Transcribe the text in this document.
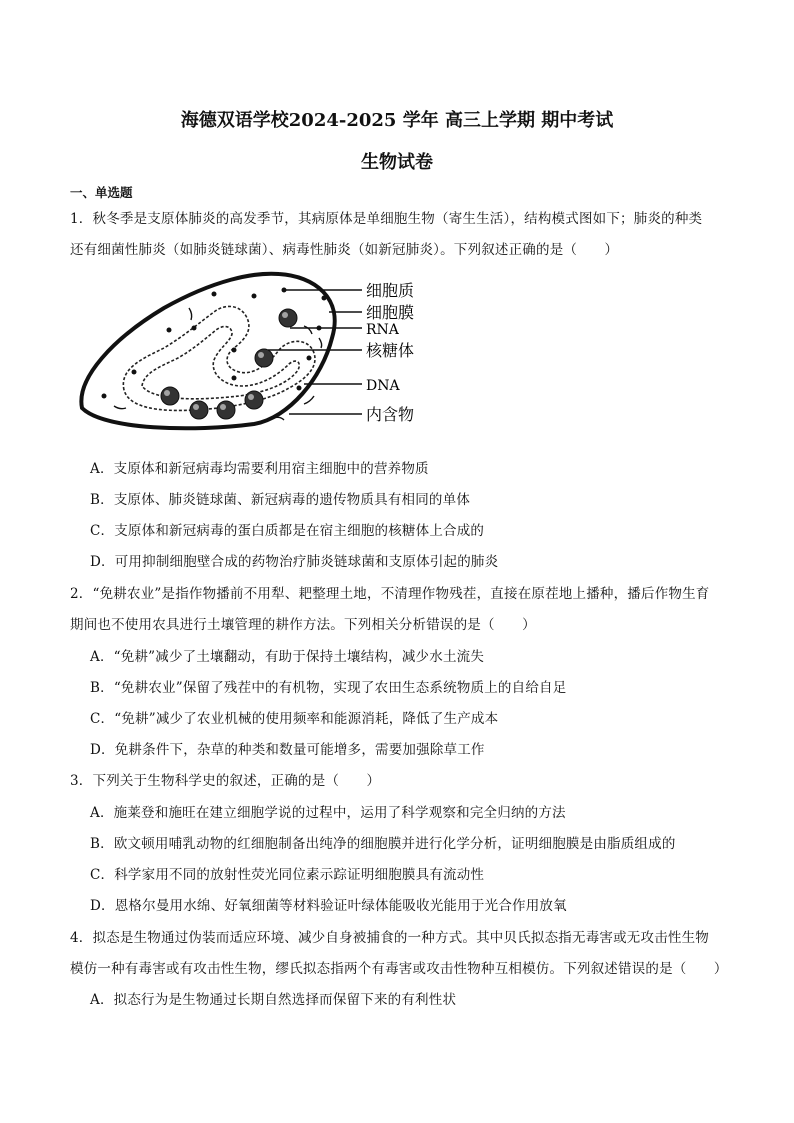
海德双语学校2024-2025 学年 高三上学期 期中考试
生物试卷
一、单选题
1．秋冬季是支原体肺炎的高发季节，其病原体是单细胞生物（寄生生活），结构模式图如下；肺炎的种类
还有细菌性肺炎（如肺炎链球菌）、病毒性肺炎（如新冠肺炎）。下列叙述正确的是（　　）
细胞质
细胞膜
RNA
核糖体
DNA
内含物
A．支原体和新冠病毒均需要利用宿主细胞中的营养物质
B．支原体、肺炎链球菌、新冠病毒的遗传物质具有相同的单体
C．支原体和新冠病毒的蛋白质都是在宿主细胞的核糖体上合成的
D．可用抑制细胞壁合成的药物治疗肺炎链球菌和支原体引起的肺炎
2．“免耕农业”是指作物播前不用犁、耙整理土地，不清理作物残茬，直接在原茬地上播种，播后作物生育
期间也不使用农具进行土壤管理的耕作方法。下列相关分析错误的是（　　）
A．“免耕”减少了土壤翻动，有助于保持土壤结构，减少水土流失
B．“免耕农业”保留了残茬中的有机物，实现了农田生态系统物质上的自给自足
C．“免耕”减少了农业机械的使用频率和能源消耗，降低了生产成本
D．免耕条件下，杂草的种类和数量可能增多，需要加强除草工作
3．下列关于生物科学史的叙述，正确的是（　　）
A．施莱登和施旺在建立细胞学说的过程中，运用了科学观察和完全归纳的方法
B．欧文顿用哺乳动物的红细胞制备出纯净的细胞膜并进行化学分析，证明细胞膜是由脂质组成的
C．科学家用不同的放射性荧光同位素示踪证明细胞膜具有流动性
D．恩格尔曼用水绵、好氧细菌等材料验证叶绿体能吸收光能用于光合作用放氧
4．拟态是生物通过伪装而适应环境、减少自身被捕食的一种方式。其中贝氏拟态指无毒害或无攻击性生物
模仿一种有毒害或有攻击性生物，缪氏拟态指两个有毒害或攻击性物种互相模仿。下列叙述错误的是（　　）
A．拟态行为是生物通过长期自然选择而保留下来的有利性状
